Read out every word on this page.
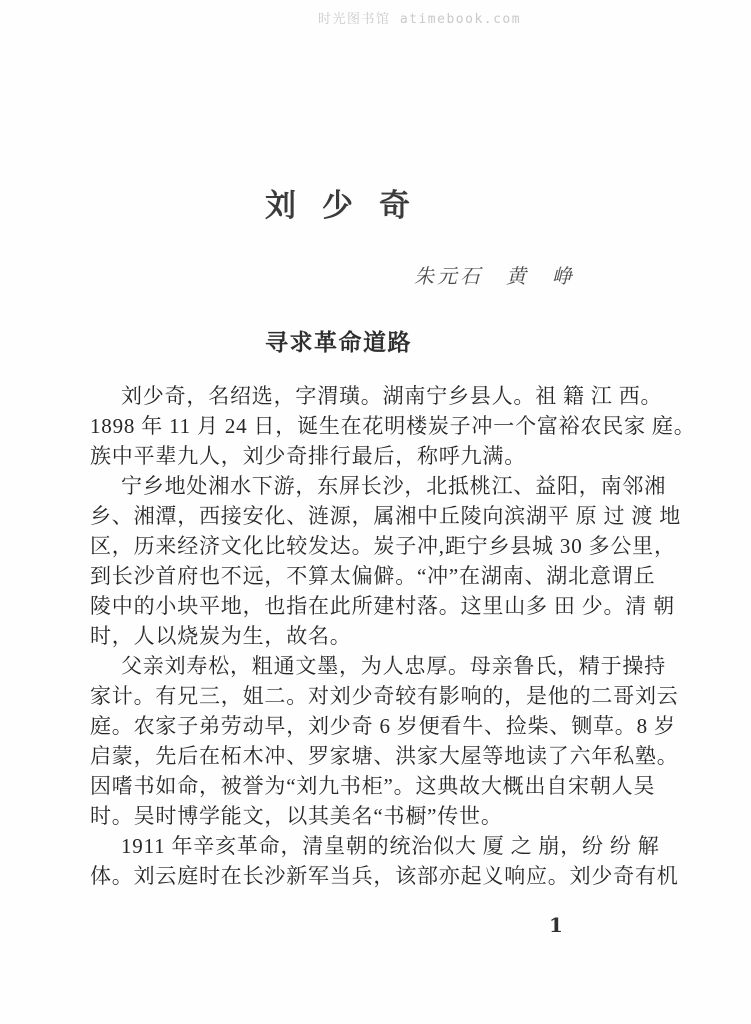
时光图书馆 atimebook.com
刘少奇
朱元石　黄　峥
寻求革命道路
刘少奇，名绍选，字渭璜。湖南宁乡县人。祖 籍 江 西。
1898 年 11 月 24 日，诞生在花明楼炭子冲一个富裕农民家 庭。
族中平辈九人，刘少奇排行最后，称呼九满。
宁乡地处湘水下游，东屏长沙，北抵桃江、益阳，南邻湘
乡、湘潭，西接安化、涟源，属湘中丘陵向滨湖平 原 过 渡 地
区，历来经济文化比较发达。炭子冲,距宁乡县城 30 多公里，
到长沙首府也不远，不算太偏僻。“冲”在湖南、湖北意谓丘
陵中的小块平地，也指在此所建村落。这里山多 田 少。清 朝
时，人以烧炭为生，故名。
父亲刘寿松，粗通文墨，为人忠厚。母亲鲁氏，精于操持
家计。有兄三，姐二。对刘少奇较有影响的，是他的二哥刘云
庭。农家子弟劳动早，刘少奇 6 岁便看牛、捡柴、铡草。8 岁
启蒙，先后在柘木冲、罗家塘、洪家大屋等地读了六年私塾。
因嗜书如命，被誉为“刘九书柜”。这典故大概出自宋朝人吴
时。吴时博学能文，以其美名“书橱”传世。
1911 年辛亥革命，清皇朝的统治似大 厦 之 崩，纷 纷 解
体。刘云庭时在长沙新军当兵，该部亦起义响应。刘少奇有机
1
